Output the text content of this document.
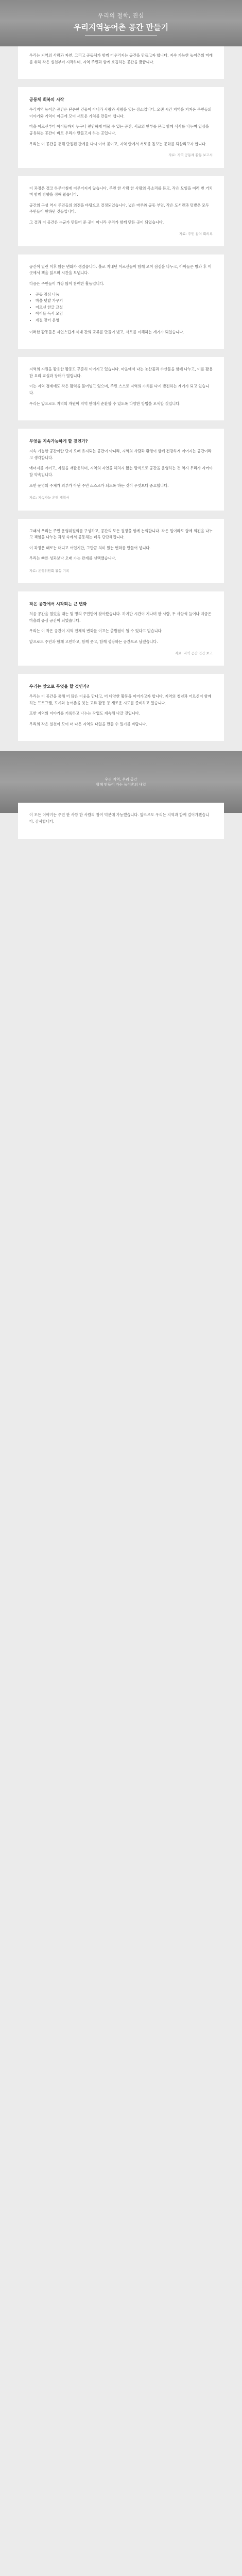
우리의 철학, 진심
우리지역농어촌 공간 만들기
우리는 지역의 사람과 자연, 그리고 공동체가 함께 어우러지는 공간을 만들고자 합니다. 지속 가능한 농어촌의 미래를 위해 작은 실천부터 시작하며, 지역 주민과 함께 호흡하는 공간을 꿈꿉니다.
공동체 회복의 시작
우리지역 농어촌 공간은 단순한 건물이 아니라 사람과 사람을 잇는 장소입니다. 오랜 시간 지역을 지켜온 주민들의 이야기와 기억이 이곳에 모여 새로운 가치를 만들어 냅니다.
마을 어르신부터 아이들까지 누구나 편안하게 머물 수 있는 공간, 서로의 안부를 묻고 함께 식사를 나누며 일상을 공유하는 공간이 바로 우리가 만들고자 하는 곳입니다.
우리는 이 공간을 통해 단절된 관계를 다시 이어 붙이고, 지역 안에서 서로를 돌보는 문화를 되살리고자 합니다.
자료: 지역 공동체 활동 보고서
이 과정은 결코 하루아침에 이루어지지 않습니다. 주민 한 사람 한 사람의 목소리를 듣고, 작은 모임을 여러 번 거치며 함께 방향을 정해 왔습니다.
공간의 구성 역시 주민들의 의견을 바탕으로 결정되었습니다. 넓은 마루와 공동 부엌, 작은 도서관과 텃밭은 모두 주민들이 원하던 것들입니다.
그 결과 이 공간은 누군가 만들어 준 곳이 아니라 우리가 함께 만든 곳이 되었습니다.
자료: 주민 참여 회의록
공간이 열린 이후 많은 변화가 생겼습니다. 홀로 지내던 어르신들이 함께 모여 점심을 나누고, 아이들은 방과 후 이곳에서 책을 읽으며 시간을 보냅니다.
다음은 주민들이 가장 많이 참여한 활동입니다.
• 공동 점심 나눔
• 마을 텃밭 가꾸기
• 어르신 한글 교실
• 아이들 독서 모임
• 계절 장터 운영
이러한 활동들은 자연스럽게 세대 간의 교류를 만들어 냈고, 서로를 이해하는 계기가 되었습니다.
지역의 자원을 활용한 활동도 꾸준히 이어지고 있습니다. 마을에서 나는 농산물과 수산물을 함께 나누고, 이를 활용한 요리 교실과 장터가 열립니다.
이는 지역 경제에도 작은 활력을 불어넣고 있으며, 주민 스스로 지역의 가치를 다시 발견하는 계기가 되고 있습니다.
우리는 앞으로도 지역의 자원이 지역 안에서 순환할 수 있도록 다양한 방법을 모색할 것입니다.
무엇을 지속가능하게 할 것인가?
지속 가능한 공간이란 단지 오래 유지되는 공간이 아니라, 지역의 사람과 환경이 함께 건강하게 이어지는 공간이라고 생각합니다.
에너지를 아끼고, 자원을 재활용하며, 지역의 자연을 해치지 않는 방식으로 공간을 운영하는 것 역시 우리가 지켜야 할 약속입니다.
또한 운영의 주체가 외부가 아닌 주민 스스로가 되도록 하는 것이 무엇보다 중요합니다.
자료: 지속가능 운영 계획서
그래서 우리는 주민 운영위원회를 구성하고, 공간의 모든 결정을 함께 논의합니다. 작은 일이라도 함께 의견을 나누고 책임을 나누는 과정 속에서 공동체는 더욱 단단해집니다.
이 과정은 때로는 더디고 어렵지만, 그만큼 의미 있는 변화를 만들어 냅니다.
우리는 빠른 성과보다 오래 가는 관계를 선택했습니다.
자료: 운영위원회 활동 기록
작은 공간에서 시작되는 큰 변화
처음 공간을 열었을 때는 몇 명의 주민만이 찾아왔습니다. 하지만 시간이 지나며 한 사람, 두 사람씩 늘어나 지금은 마을의 중심 공간이 되었습니다.
우리는 이 작은 공간이 지역 전체의 변화를 이끄는 출발점이 될 수 있다고 믿습니다.
앞으로도 주민과 함께 고민하고, 함께 웃고, 함께 성장하는 공간으로 남겠습니다.
자료: 지역 공간 연간 보고
우리는 앞으로 무엇을 할 것인가?
우리는 이 공간을 통해 더 많은 이웃을 만나고, 더 다양한 활동을 이어가고자 합니다. 지역의 청년과 어르신이 함께하는 프로그램, 도시와 농어촌을 잇는 교류 활동 등 새로운 시도를 준비하고 있습니다.
또한 지역의 이야기를 기록하고 나누는 작업도 계속해 나갈 것입니다.
우리의 작은 실천이 모여 더 나은 지역의 내일을 만들 수 있기를 바랍니다.
우리 지역, 우리 공간
함께 만들어 가는 농어촌의 내일
이 모든 이야기는 주민 한 사람 한 사람의 참여 덕분에 가능했습니다. 앞으로도 우리는 지역과 함께 걸어가겠습니다. 감사합니다.
